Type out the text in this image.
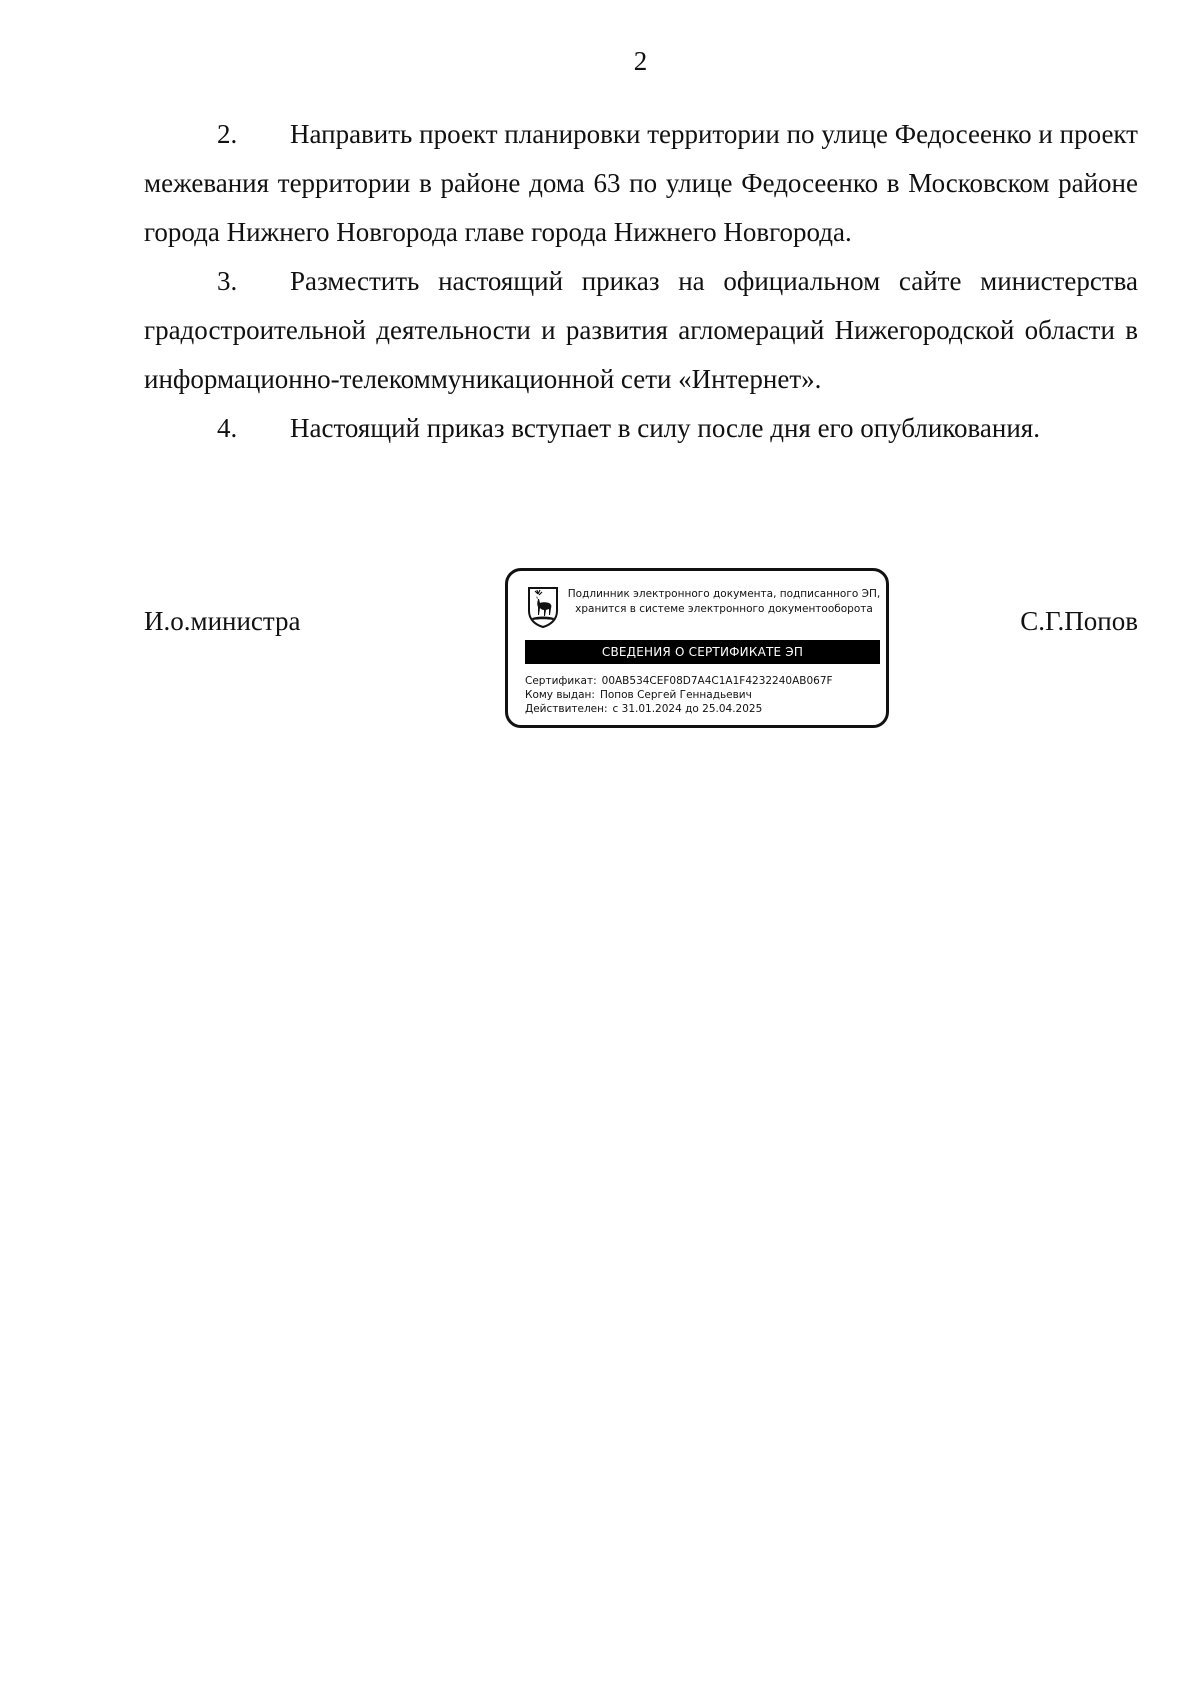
2

2. Направить проект планировки территории по улице Федосеенко и проект межевания территории в районе дома 63 по улице Федосеенко в Московском районе города Нижнего Новгорода главе города Нижнего Новгорода.

3. Разместить настоящий приказ на официальном сайте министерства градостроительной деятельности и развития агломераций Нижегородской области в информационно-телекоммуникационной сети «Интернет».

4. Настоящий приказ вступает в силу после дня его опубликования.

И.о.министра
Подлинник электронного документа, подписанного ЭП,
хранится в системе электронного документооборота
СВЕДЕНИЯ О СЕРТИФИКАТЕ ЭП
Сертификат: 00AB534CEF08D7A4C1A1F4232240AB067F
Кому выдан: Попов Сергей Геннадьевич
Действителен: с 31.01.2024 до 25.04.2025
С.Г.Попов
